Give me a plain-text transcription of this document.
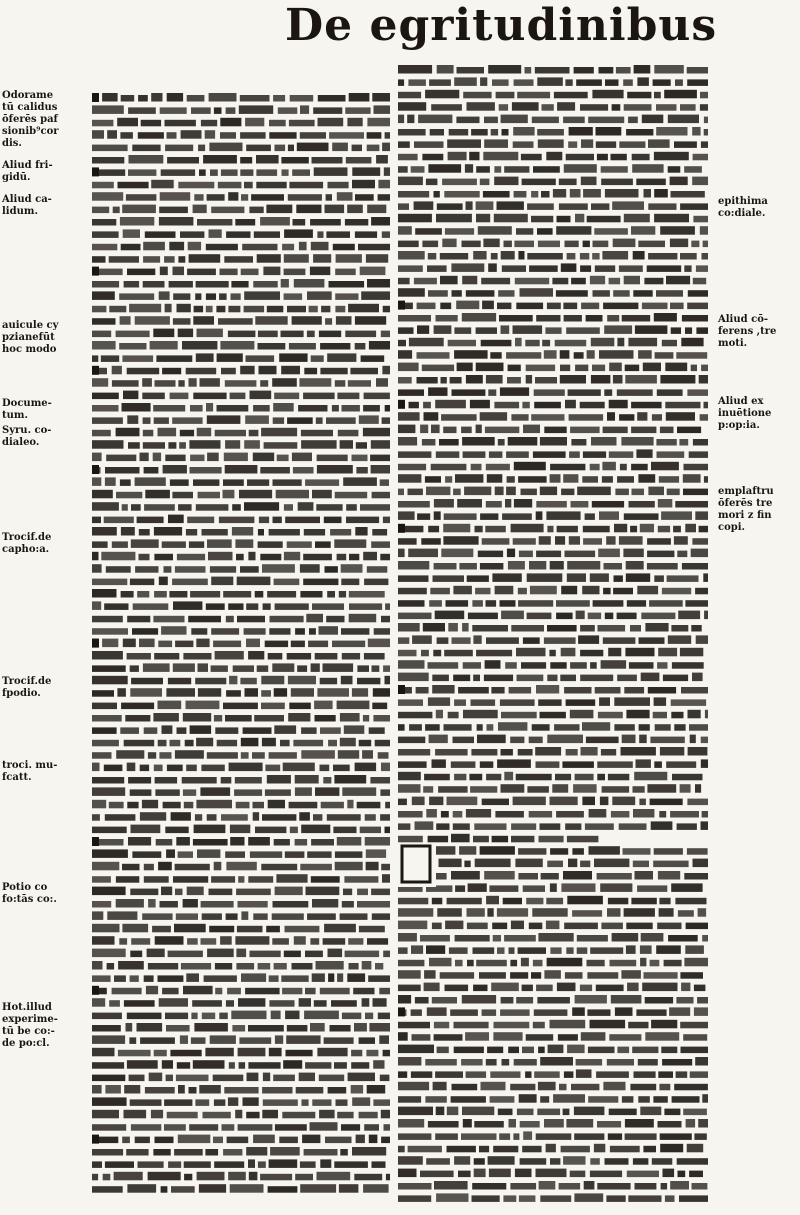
De egritudinibus
Odorame
tū calidus
ōferēs paf
sionib⁹cor
dis.
Aliud fri-
gidū.
Aliud ca-
lidum.
auicule cy
pzianefūt
hoc modo
Docume-
tum.
Syru. co-
dialeo.
Trocif.de
capho:a.
Trocif.de
fpodio.
troci. mu-
fcatt.
Potio co
fo:tās co:.
Hot.illud
experime-
tū be co:-
de po:cl.
epithima
co:diale.
Aliud cō-
ferens ,tre
moti.
Aliud ex
inuētione
p:op:ia.
emplaftru
ōferēs tre
mori z fin
copi.
